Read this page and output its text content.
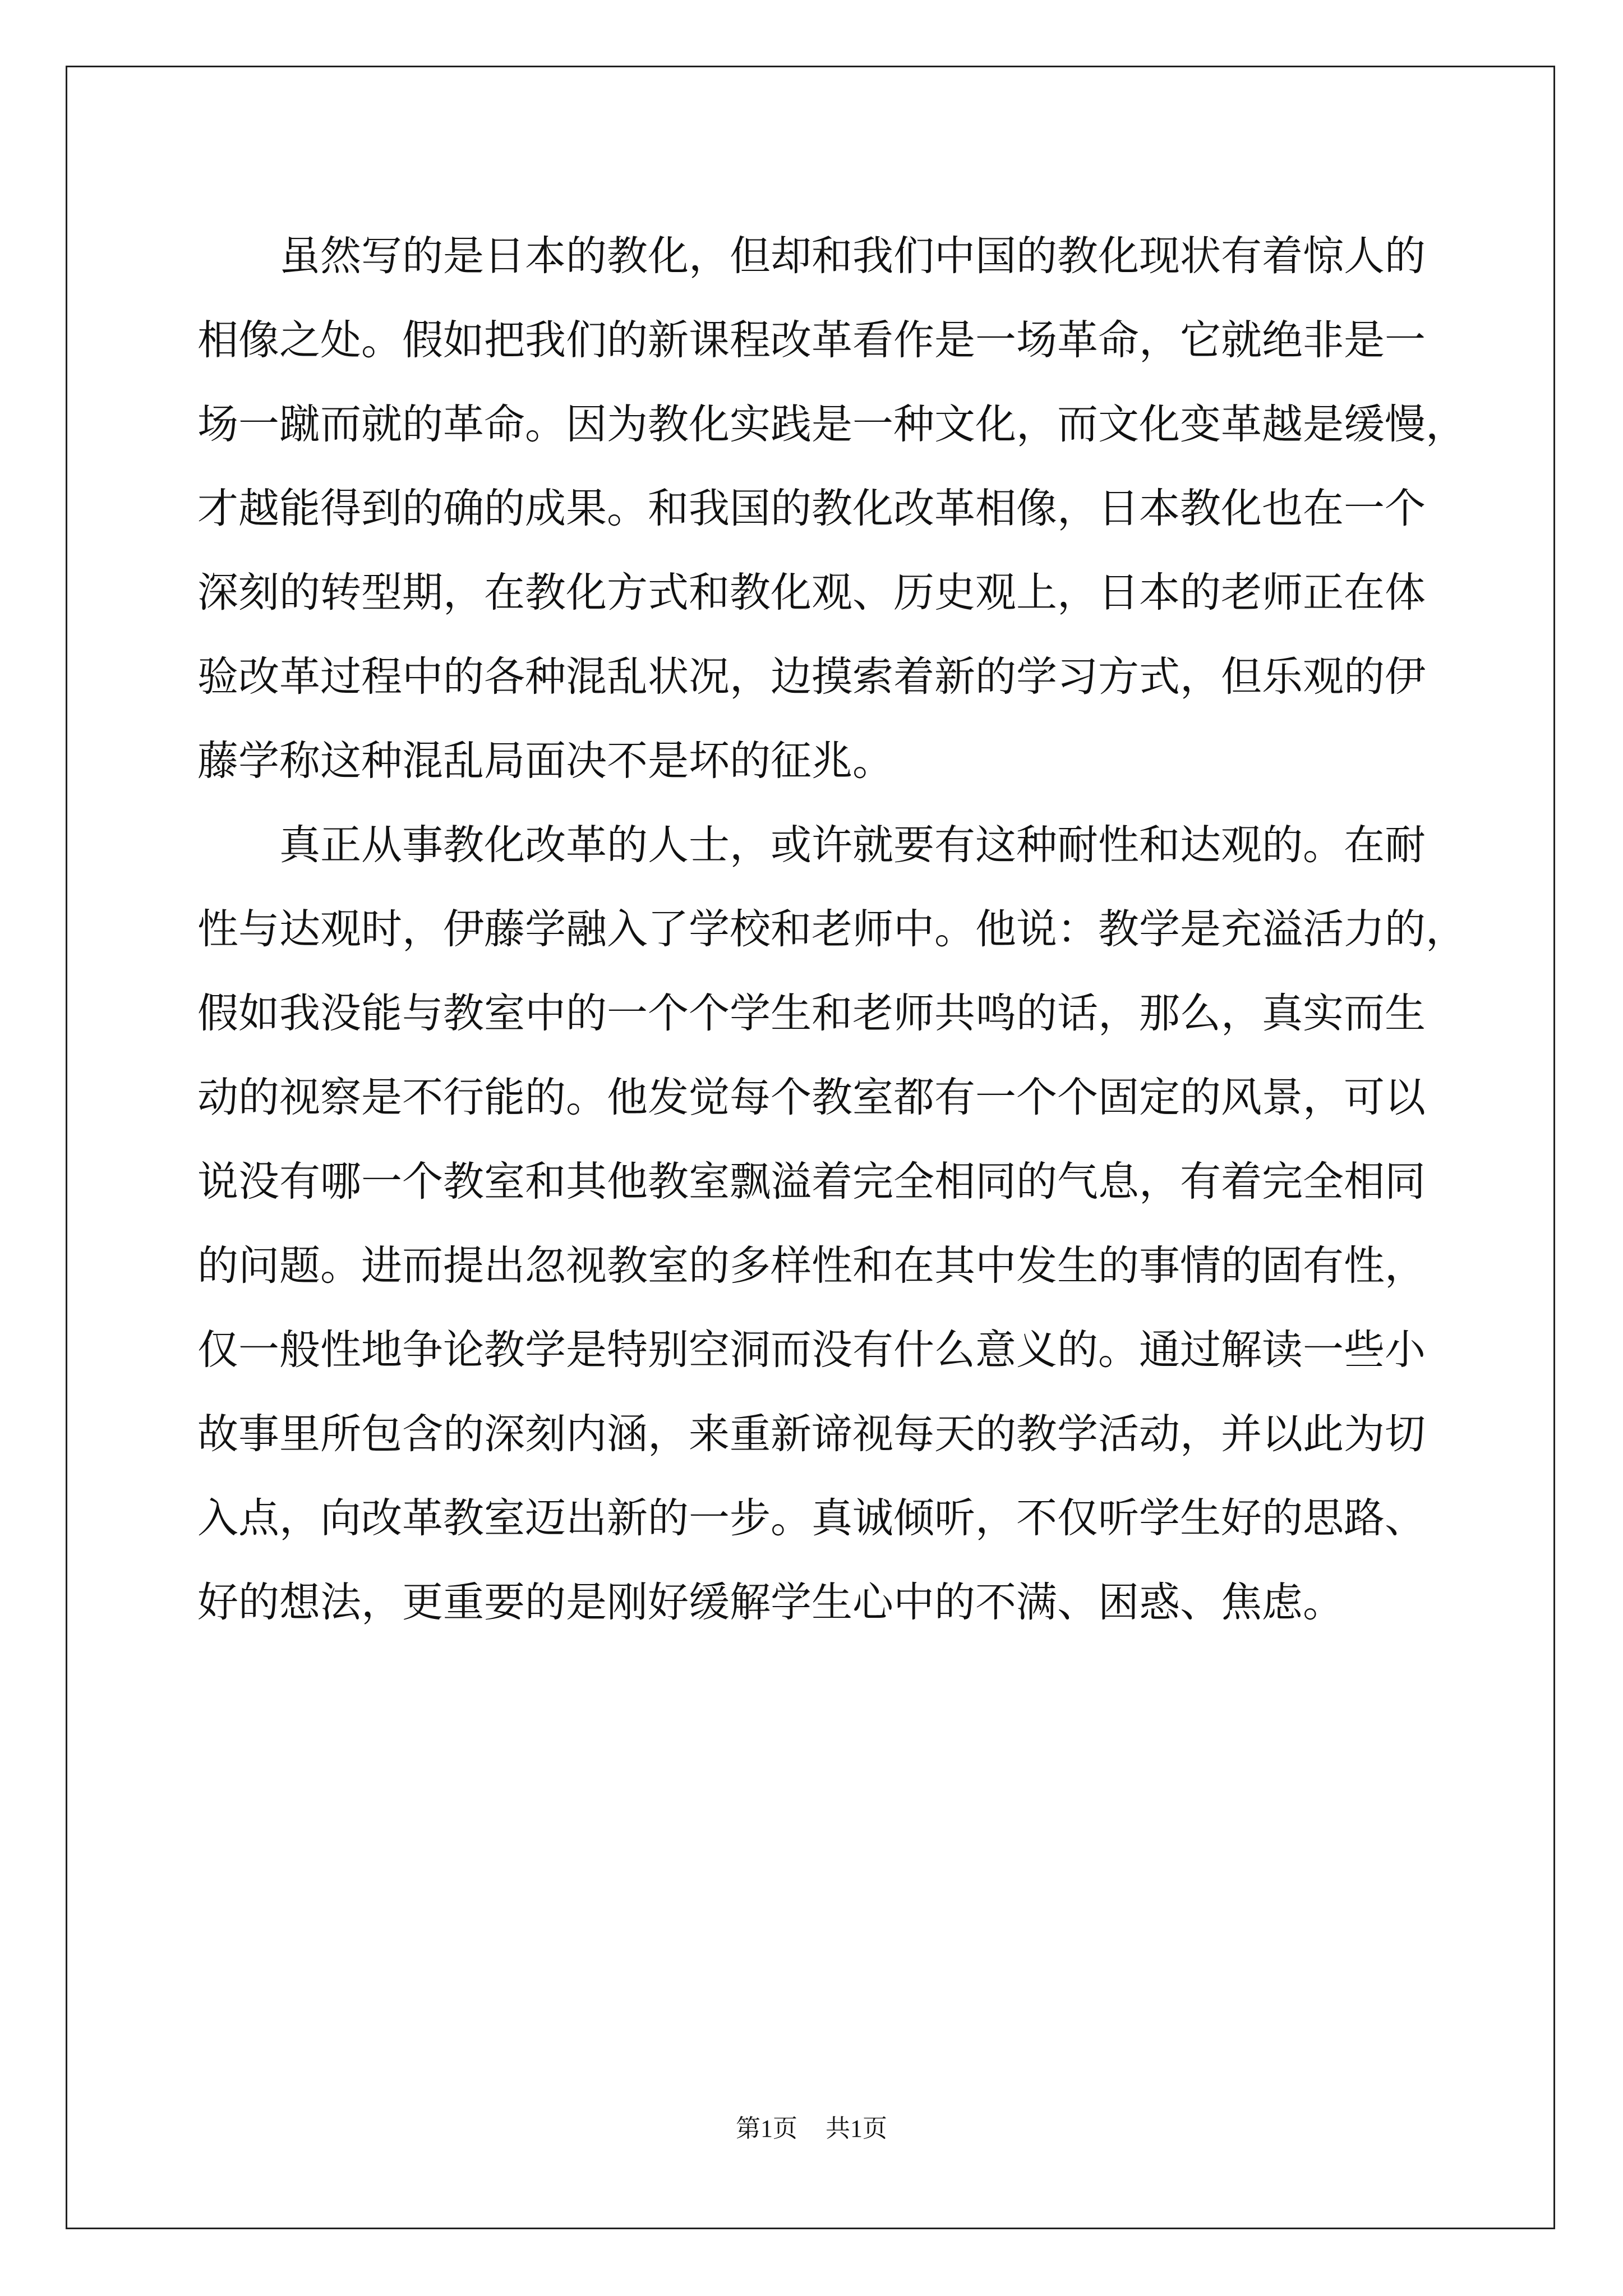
虽然写的是日本的教化，但却和我们中国的教化现状有着惊人的
相像之处。假如把我们的新课程改革看作是一场革命，它就绝非是一
场一蹴而就的革命。因为教化实践是一种文化，而文化变革越是缓慢，
才越能得到的确的成果。和我国的教化改革相像，日本教化也在一个
深刻的转型期，在教化方式和教化观、历史观上，日本的老师正在体
验改革过程中的各种混乱状况，边摸索着新的学习方式，但乐观的伊
藤学称这种混乱局面决不是坏的征兆。
真正从事教化改革的人士，或许就要有这种耐性和达观的。在耐
性与达观时，伊藤学融入了学校和老师中。他说：教学是充溢活力的，
假如我没能与教室中的一个个学生和老师共鸣的话，那么，真实而生
动的视察是不行能的。他发觉每个教室都有一个个固定的风景，可以
说没有哪一个教室和其他教室飘溢着完全相同的气息，有着完全相同
的问题。进而提出忽视教室的多样性和在其中发生的事情的固有性，
仅一般性地争论教学是特别空洞而没有什么意义的。通过解读一些小
故事里所包含的深刻内涵，来重新谛视每天的教学活动，并以此为切
入点，向改革教室迈出新的一步。真诚倾听，不仅听学生好的思路、
好的想法，更重要的是刚好缓解学生心中的不满、困惑、焦虑。
第1页 共1页
